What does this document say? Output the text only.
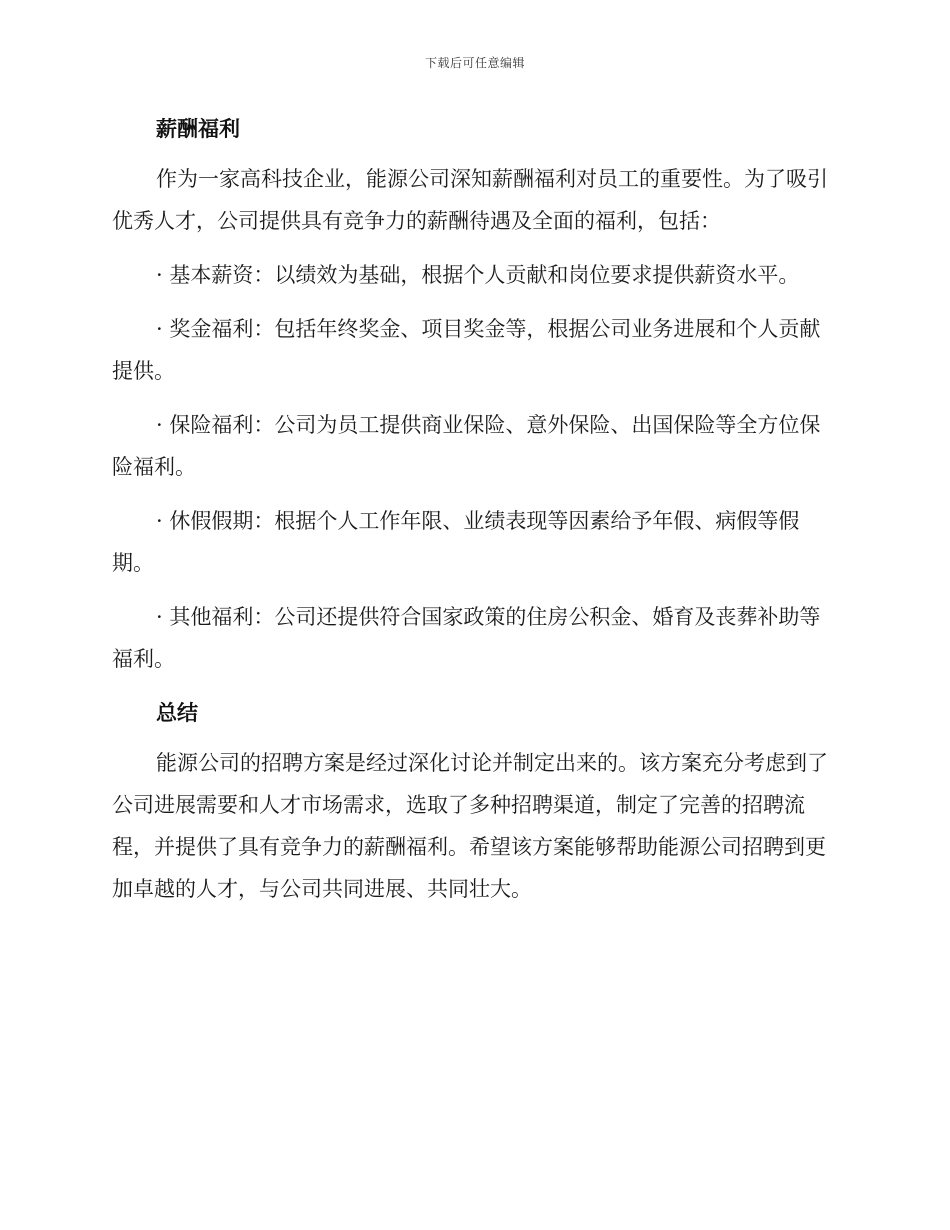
下载后可任意编辑
薪酬福利

作为一家高科技企业，能源公司深知薪酬福利对员工的重要性。为了吸引优秀人才，公司提供具有竞争力的薪酬待遇及全面的福利，包括：

· 基本薪资：以绩效为基础，根据个人贡献和岗位要求提供薪资水平。

· 奖金福利：包括年终奖金、项目奖金等，根据公司业务进展和个人贡献提供。

· 保险福利：公司为员工提供商业保险、意外保险、出国保险等全方位保险福利。

· 休假假期：根据个人工作年限、业绩表现等因素给予年假、病假等假期。

· 其他福利：公司还提供符合国家政策的住房公积金、婚育及丧葬补助等福利。

总结

能源公司的招聘方案是经过深化讨论并制定出来的。该方案充分考虑到了公司进展需要和人才市场需求，选取了多种招聘渠道，制定了完善的招聘流程，并提供了具有竞争力的薪酬福利。希望该方案能够帮助能源公司招聘到更加卓越的人才，与公司共同进展、共同壮大。
